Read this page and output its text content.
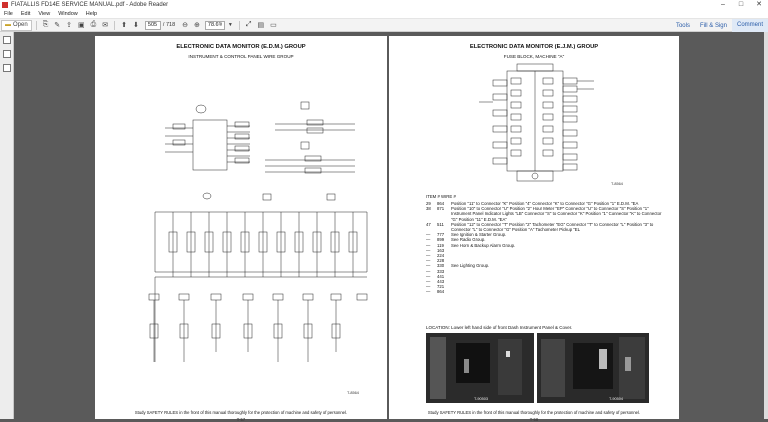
FIATALLIS FD14E SERVICE MANUAL.pdf - Adobe Reader	–	□	✕
File	Edit	View	Window	Help
▬ Open ⎘ ✎ ⇪ ▣ ⎙ ✉ ⬆ ⬇
505	/ 718 ⊖ ⊕
78.6%	▼ ⤢ ▤ ▭	Tools	Fill & Sign	Comment
ELECTRONIC DATA MONITOR (E.D.M.) GROUP
INSTRUMENT & CONTROL PANEL WIRE GROUP
T-8564
Study SAFETY RULES in the front of this manual thoroughly for the protection of machine and safety of personnel.
T-57
ELECTRONIC DATA MONITOR (E.J.M.) GROUP
FUSE BLOCK, MACHINE "A"
T-8564
ITEM # WIRE #
29	864	Position "11" to Connector "K" Position "4" Connector "K" to Connector "G" Position "1" E.D.M. "EA
38	871	Position "10" to Connector "U" Position "2" Hour Meter "EP" Connector "U" to Connector "S" Position "1" Instrument Panel Indicator Lights "LB" Connector "S" to Connector "K" Position "1" Connector "K" to Connector "G" Position "11" E.D.M. "EA"
47	511	Position "12" to Connector "T" Position "2" Tachometer "EG" Connector "T" to Connector "L" Position "3" to Connector "L" to Connector "G" Position "A" Tachometer Pickup "EL
—	777	See Ignition & Starter Group.
—	899	See Radio Group.
—	119	See Horn & Backup Alarm Group.
—	163
—	224
—	228
—	330	See Lighting Group.
—	333
—	441
—	443
—	721
—	864
LOCATION: Lower left hand side of front Dash Instrument Panel & Cover.
T-90503	T-90504
Study SAFETY RULES in the front of this manual thoroughly for the protection of machine and safety of personnel.
T-58
